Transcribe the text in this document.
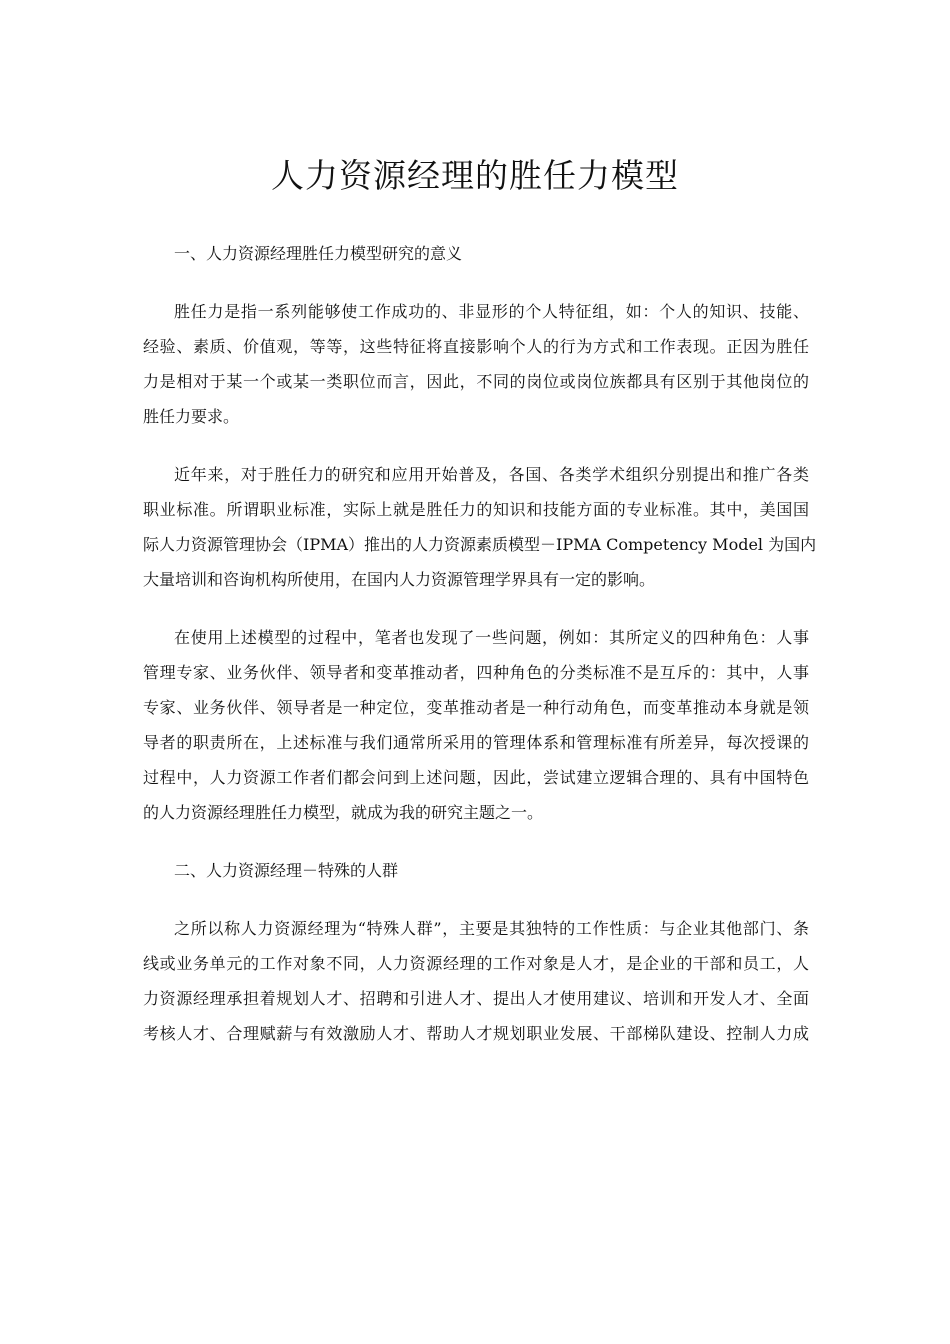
人力资源经理的胜任力模型

一、人力资源经理胜任力模型研究的意义

胜任力是指一系列能够使工作成功的、非显形的个人特征组，如：个人的知识、技能、
经验、素质、价值观，等等，这些特征将直接影响个人的行为方式和工作表现。正因为胜任
力是相对于某一个或某一类职位而言，因此，不同的岗位或岗位族都具有区别于其他岗位的
胜任力要求。

近年来，对于胜任力的研究和应用开始普及，各国、各类学术组织分别提出和推广各类
职业标准。所谓职业标准，实际上就是胜任力的知识和技能方面的专业标准。其中，美国国
际人力资源管理协会（IPMA）推出的人力资源素质模型－IPMA Competency Model 为国内
大量培训和咨询机构所使用，在国内人力资源管理学界具有一定的影响。

在使用上述模型的过程中，笔者也发现了一些问题，例如：其所定义的四种角色：人事
管理专家、业务伙伴、领导者和变革推动者，四种角色的分类标准不是互斥的：其中，人事
专家、业务伙伴、领导者是一种定位，变革推动者是一种行动角色，而变革推动本身就是领
导者的职责所在，上述标准与我们通常所采用的管理体系和管理标准有所差异，每次授课的
过程中，人力资源工作者们都会问到上述问题，因此，尝试建立逻辑合理的、具有中国特色
的人力资源经理胜任力模型，就成为我的研究主题之一。

二、人力资源经理－特殊的人群

之所以称人力资源经理为“特殊人群”，主要是其独特的工作性质：与企业其他部门、条
线或业务单元的工作对象不同，人力资源经理的工作对象是人才，是企业的干部和员工，人
力资源经理承担着规划人才、招聘和引进人才、提出人才使用建议、培训和开发人才、全面
考核人才、合理赋薪与有效激励人才、帮助人才规划职业发展、干部梯队建设、控制人力成
